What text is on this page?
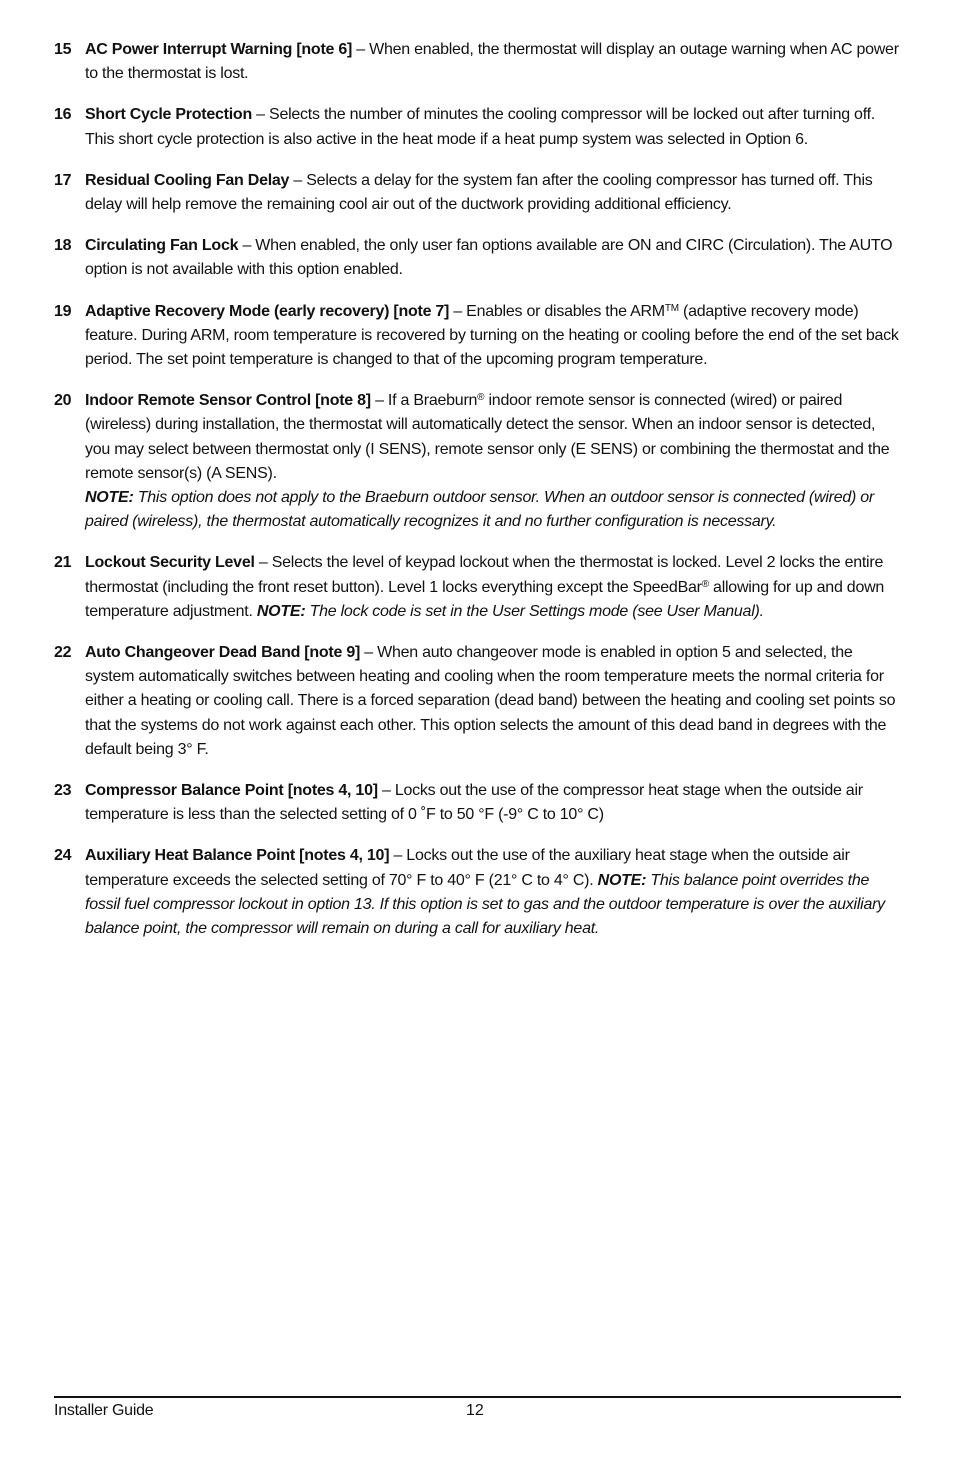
15 AC Power Interrupt Warning [note 6] – When enabled, the thermostat will display an outage warning when AC power to the thermostat is lost.
16 Short Cycle Protection – Selects the number of minutes the cooling compressor will be locked out after turning off. This short cycle protection is also active in the heat mode if a heat pump system was selected in Option 6.
17 Residual Cooling Fan Delay – Selects a delay for the system fan after the cooling compressor has turned off. This delay will help remove the remaining cool air out of the ductwork providing additional efficiency.
18 Circulating Fan Lock – When enabled, the only user fan options available are ON and CIRC (Circulation). The AUTO option is not available with this option enabled.
19 Adaptive Recovery Mode (early recovery) [note 7] – Enables or disables the ARM™ (adaptive recovery mode) feature. During ARM, room temperature is recovered by turning on the heating or cooling before the end of the set back period. The set point temperature is changed to that of the upcoming program temperature.
20 Indoor Remote Sensor Control [note 8] – If a Braeburn® indoor remote sensor is connected (wired) or paired (wireless) during installation, the thermostat will automatically detect the sensor. When an indoor sensor is detected, you may select between thermostat only (I SENS), remote sensor only (E SENS) or combining the thermostat and the remote sensor(s) (A SENS).
NOTE: This option does not apply to the Braeburn outdoor sensor. When an outdoor sensor is connected (wired) or paired (wireless), the thermostat automatically recognizes it and no further configuration is necessary.
21 Lockout Security Level – Selects the level of keypad lockout when the thermostat is locked. Level 2 locks the entire thermostat (including the front reset button). Level 1 locks everything except the SpeedBar® allowing for up and down temperature adjustment. NOTE: The lock code is set in the User Settings mode (see User Manual).
22 Auto Changeover Dead Band [note 9] – When auto changeover mode is enabled in option 5 and selected, the system automatically switches between heating and cooling when the room temperature meets the normal criteria for either a heating or cooling call. There is a forced separation (dead band) between the heating and cooling set points so that the systems do not work against each other. This option selects the amount of this dead band in degrees with the default being 3° F.
23 Compressor Balance Point [notes 4, 10] – Locks out the use of the compressor heat stage when the outside air temperature is less than the selected setting of 0 ˚F to 50 °F (-9° C to 10° C)
24 Auxiliary Heat Balance Point [notes 4, 10] – Locks out the use of the auxiliary heat stage when the outside air temperature exceeds the selected setting of 70° F to 40° F (21° C to 4° C). NOTE: This balance point overrides the fossil fuel compressor lockout in option 13. If this option is set to gas and the outdoor temperature is over the auxiliary balance point, the compressor will remain on during a call for auxiliary heat.
Installer Guide	12
